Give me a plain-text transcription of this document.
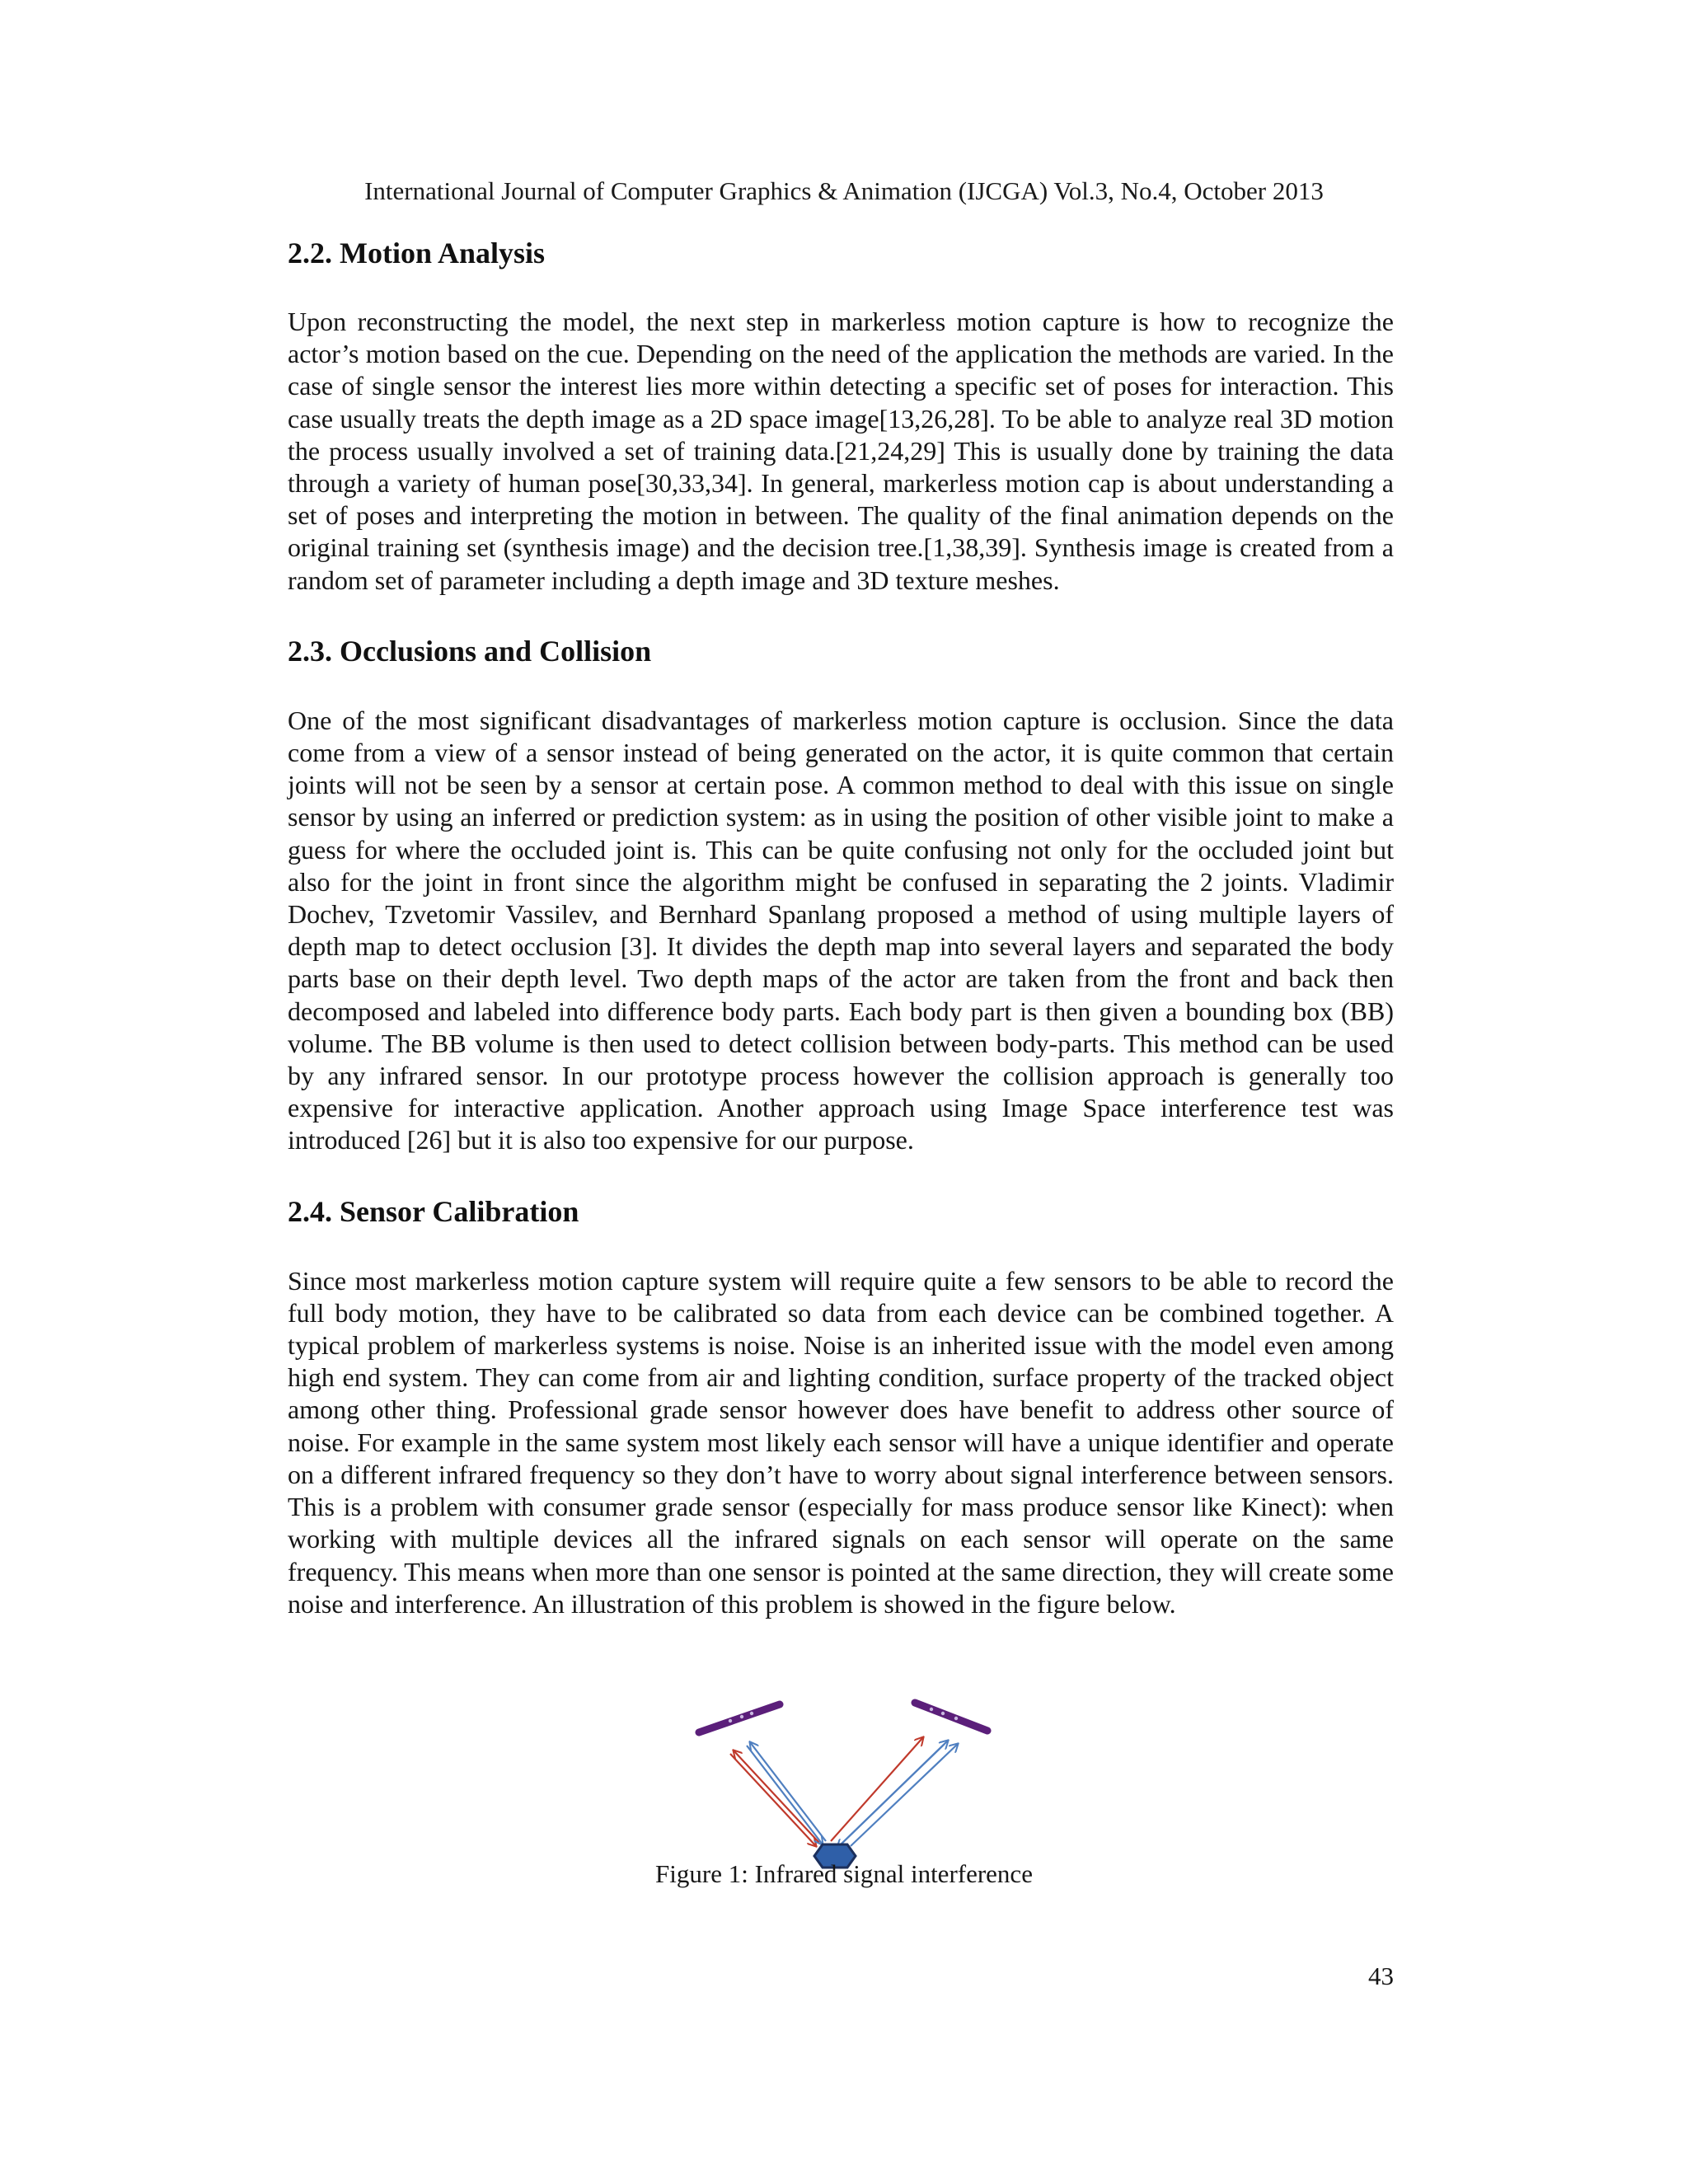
International Journal of Computer Graphics & Animation (IJCGA) Vol.3, No.4, October 2013
2.2. Motion Analysis

Upon reconstructing the model, the next step in markerless motion capture is how to recognize the actor’s motion based on the cue. Depending on the need of the application the methods are varied. In the case of single sensor the interest lies more within detecting a specific set of poses for interaction. This case usually treats the depth image as a 2D space image[13,26,28]. To be able to analyze real 3D motion the process usually involved a set of training data.[21,24,29] This is usually done by training the data through a variety of human pose[30,33,34]. In general, markerless motion cap is about understanding a set of poses and interpreting the motion in between. The quality of the final animation depends on the original training set (synthesis image) and the decision tree.[1,38,39]. Synthesis image is created from a random set of parameter including a depth image and 3D texture meshes.

2.3. Occlusions and Collision

One of the most significant disadvantages of markerless motion capture is occlusion. Since the data come from a view of a sensor instead of being generated on the actor, it is quite common that certain joints will not be seen by a sensor at certain pose. A common method to deal with this issue on single sensor by using an inferred or prediction system: as in using the position of other visible joint to make a guess for where the occluded joint is. This can be quite confusing not only for the occluded joint but also for the joint in front since the algorithm might be confused in separating the 2 joints. Vladimir Dochev, Tzvetomir Vassilev, and Bernhard Spanlang proposed a method of using multiple layers of depth map to detect occlusion [3]. It divides the depth map into several layers and separated the body parts base on their depth level. Two depth maps of the actor are taken from the front and back then decomposed and labeled into difference body parts. Each body part is then given a bounding box (BB) volume. The BB volume is then used to detect collision between body-parts. This method can be used by any infrared sensor. In our prototype process however the collision approach is generally too expensive for interactive application. Another approach using Image Space interference test was introduced [26] but it is also too expensive for our purpose.

2.4. Sensor Calibration

Since most markerless motion capture system will require quite a few sensors to be able to record the full body motion, they have to be calibrated so data from each device can be combined together. A typical problem of markerless systems is noise. Noise is an inherited issue with the model even among high end system. They can come from air and lighting condition, surface property of the tracked object among other thing. Professional grade sensor however does have benefit to address other source of noise. For example in the same system most likely each sensor will have a unique identifier and operate on a different infrared frequency so they don’t have to worry about signal interference between sensors. This is a problem with consumer grade sensor (especially for mass produce sensor like Kinect): when working with multiple devices all the infrared signals on each sensor will operate on the same frequency. This means when more than one sensor is pointed at the same direction, they will create some noise and interference. An illustration of this problem is showed in the figure below.

Figure 1: Infrared signal interference
43
